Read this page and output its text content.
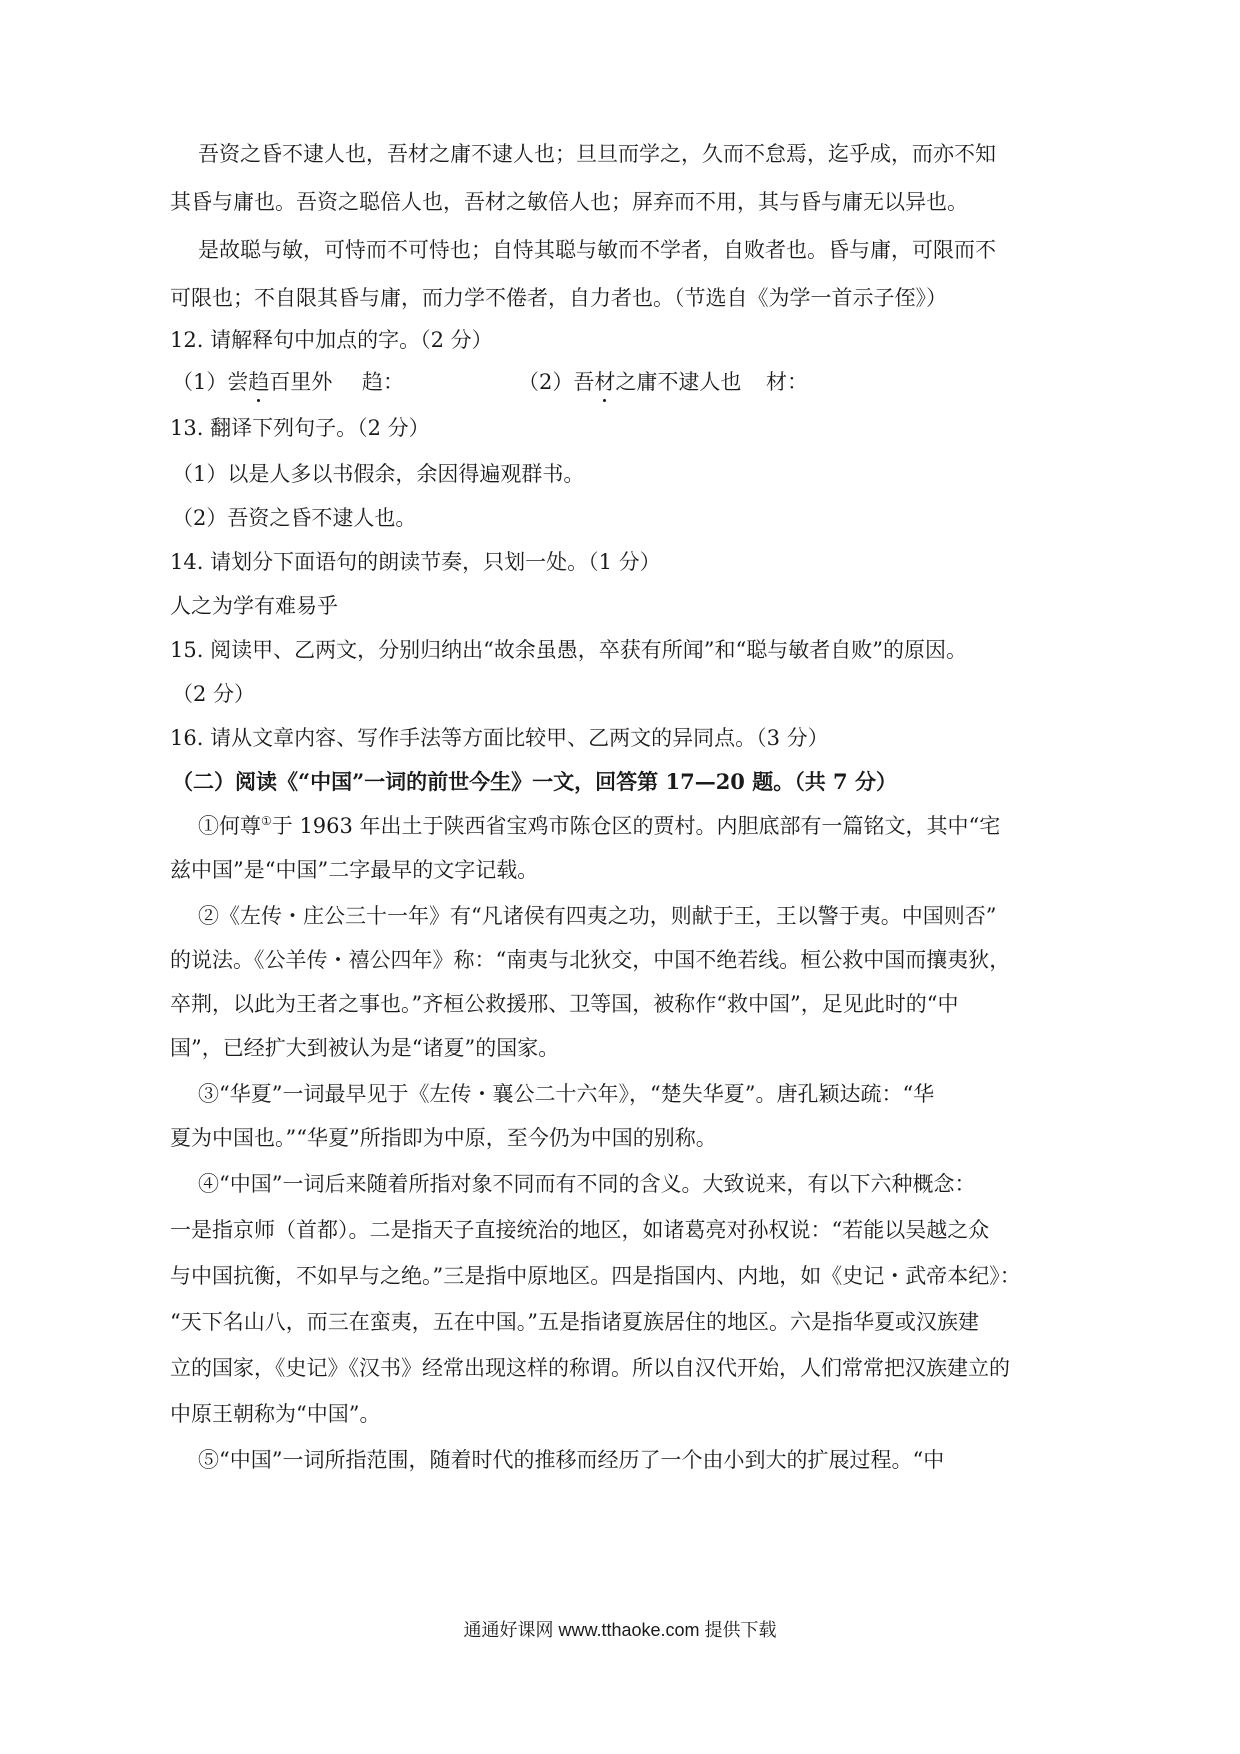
吾资之昏不逮人也，吾材之庸不逮人也；旦旦而学之，久而不怠焉，迄乎成，而亦不知
其昏与庸也。吾资之聪倍人也，吾材之敏倍人也；屏弃而不用，其与昏与庸无以异也。
是故聪与敏，可恃而不可恃也；自恃其聪与敏而不学者，自败者也。昏与庸，可限而不
可限也；不自限其昏与庸，而力学不倦者，自力者也。（节选自《为学一首示子侄》）
12. 请解释句中加点的字。（2 分）
（1）尝趋百里外 趋：	（2）吾材之庸不逮人也 材：
13. 翻译下列句子。（2 分）
（1）以是人多以书假余，余因得遍观群书。
（2）吾资之昏不逮人也。
14. 请划分下面语句的朗读节奏，只划一处。（1 分）
人之为学有难易乎
15. 阅读甲、乙两文，分别归纳出“故余虽愚，卒获有所闻”和“聪与敏者自败”的原因。
（2 分）
16. 请从文章内容、写作手法等方面比较甲、乙两文的异同点。（3 分）
（二）阅读《“中国”一词的前世今生》一文，回答第 17—20 题。（共 7 分）
①何尊①于 1963 年出土于陕西省宝鸡市陈仓区的贾村。内胆底部有一篇铭文，其中“宅
兹中国”是“中国”二字最早的文字记载。
②《左传・庄公三十一年》有“凡诸侯有四夷之功，则献于王，王以警于夷。中国则否”
的说法。《公羊传・禧公四年》称：“南夷与北狄交，中国不绝若线。桓公救中国而攘夷狄，
卒荆，以此为王者之事也。”齐桓公救援邢、卫等国，被称作“救中国”，足见此时的“中
国”，已经扩大到被认为是“诸夏”的国家。
③“华夏”一词最早见于《左传・襄公二十六年》，“楚失华夏”。唐孔颖达疏：“华
夏为中国也。”“华夏”所指即为中原，至今仍为中国的别称。
④“中国”一词后来随着所指对象不同而有不同的含义。大致说来，有以下六种概念：
一是指京师（首都）。二是指天子直接统治的地区，如诸葛亮对孙权说：“若能以吴越之众
与中国抗衡，不如早与之绝。”三是指中原地区。四是指国内、内地，如《史记・武帝本纪》：
“天下名山八，而三在蛮夷，五在中国。”五是指诸夏族居住的地区。六是指华夏或汉族建
立的国家，《史记》《汉书》经常出现这样的称谓。所以自汉代开始，人们常常把汉族建立的
中原王朝称为“中国”。
⑤“中国”一词所指范围，随着时代的推移而经历了一个由小到大的扩展过程。“中
通通好课网 www.tthaoke.com 提供下载
